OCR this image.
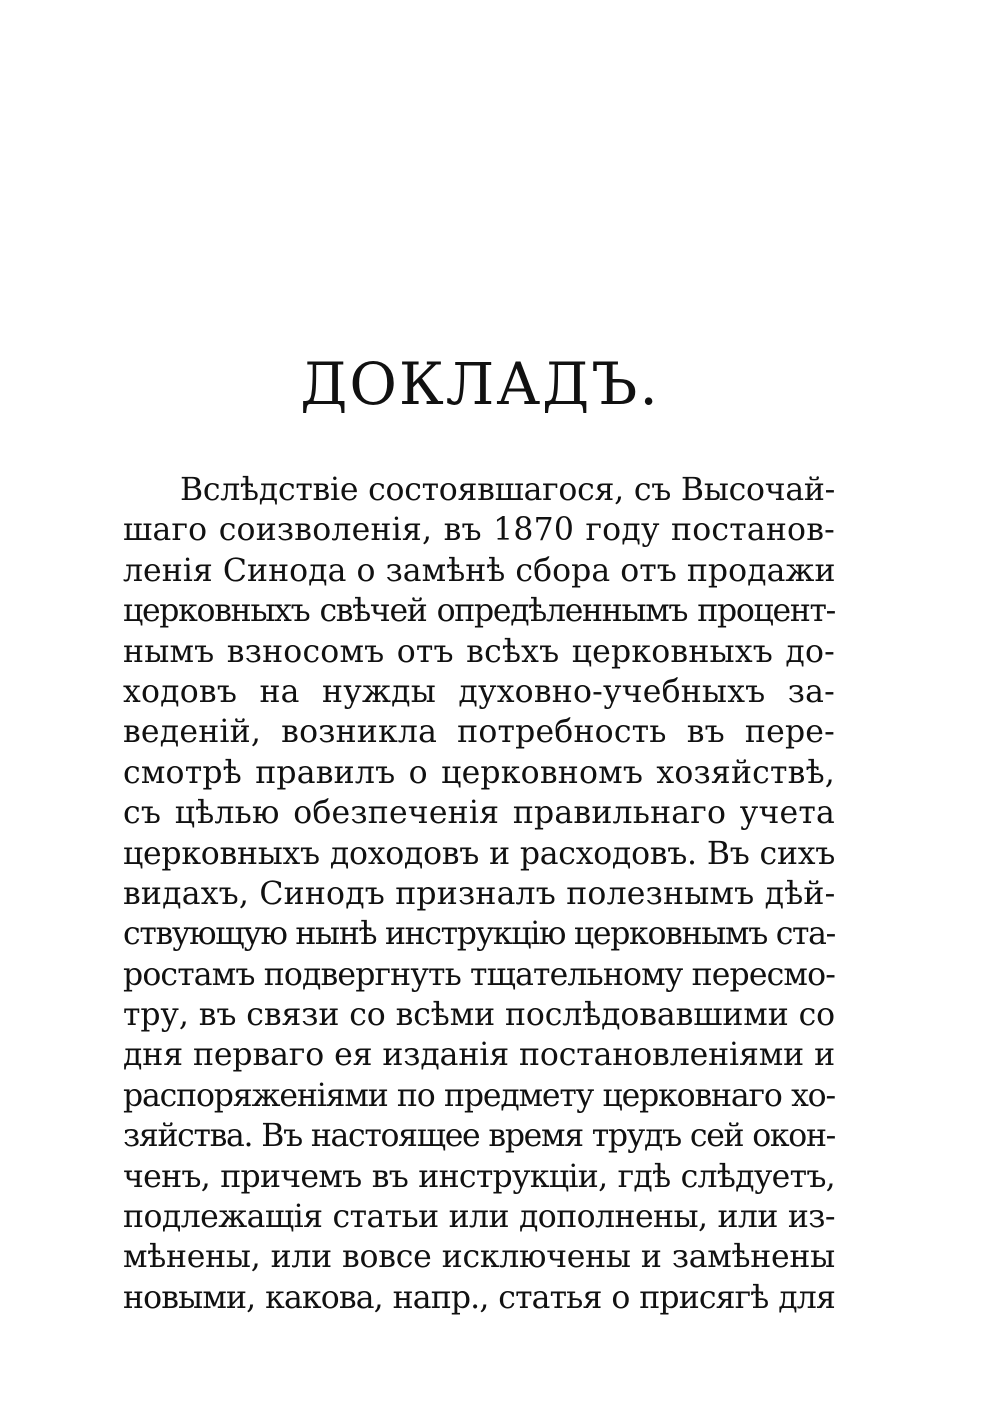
ДОКЛАДЪ.
Вслѣдствіе состоявшагося, съ Высочай-
шаго соизволенія, въ 1870 году постанов-
ленія Синода о замѣнѣ сбора отъ продажи
церковныхъ свѣчей опредѣленнымъ процент-
нымъ взносомъ отъ всѣхъ церковныхъ до-
ходовъ на нужды духовно-учебныхъ за-
веденій, возникла потребность въ пере-
смотрѣ правилъ о церковномъ хозяйствѣ,
съ цѣлью обезпеченія правильнаго учета
церковныхъ доходовъ и расходовъ. Въ сихъ
видахъ, Синодъ призналъ полезнымъ дѣй-
ствующую нынѣ инструкцію церковнымъ ста-
ростамъ подвергнуть тщательному пересмо-
тру, въ связи со всѣми послѣдовавшими со
дня перваго ея изданія постановленіями и
распоряженіями по предмету церковнаго хо-
зяйства. Въ настоящее время трудъ сей окон-
ченъ, причемъ въ инструкціи, гдѣ слѣдуетъ,
подлежащія статьи или дополнены, или из-
мѣнены, или вовсе исключены и замѣнены
новыми, какова, напр., статья о присягѣ для
